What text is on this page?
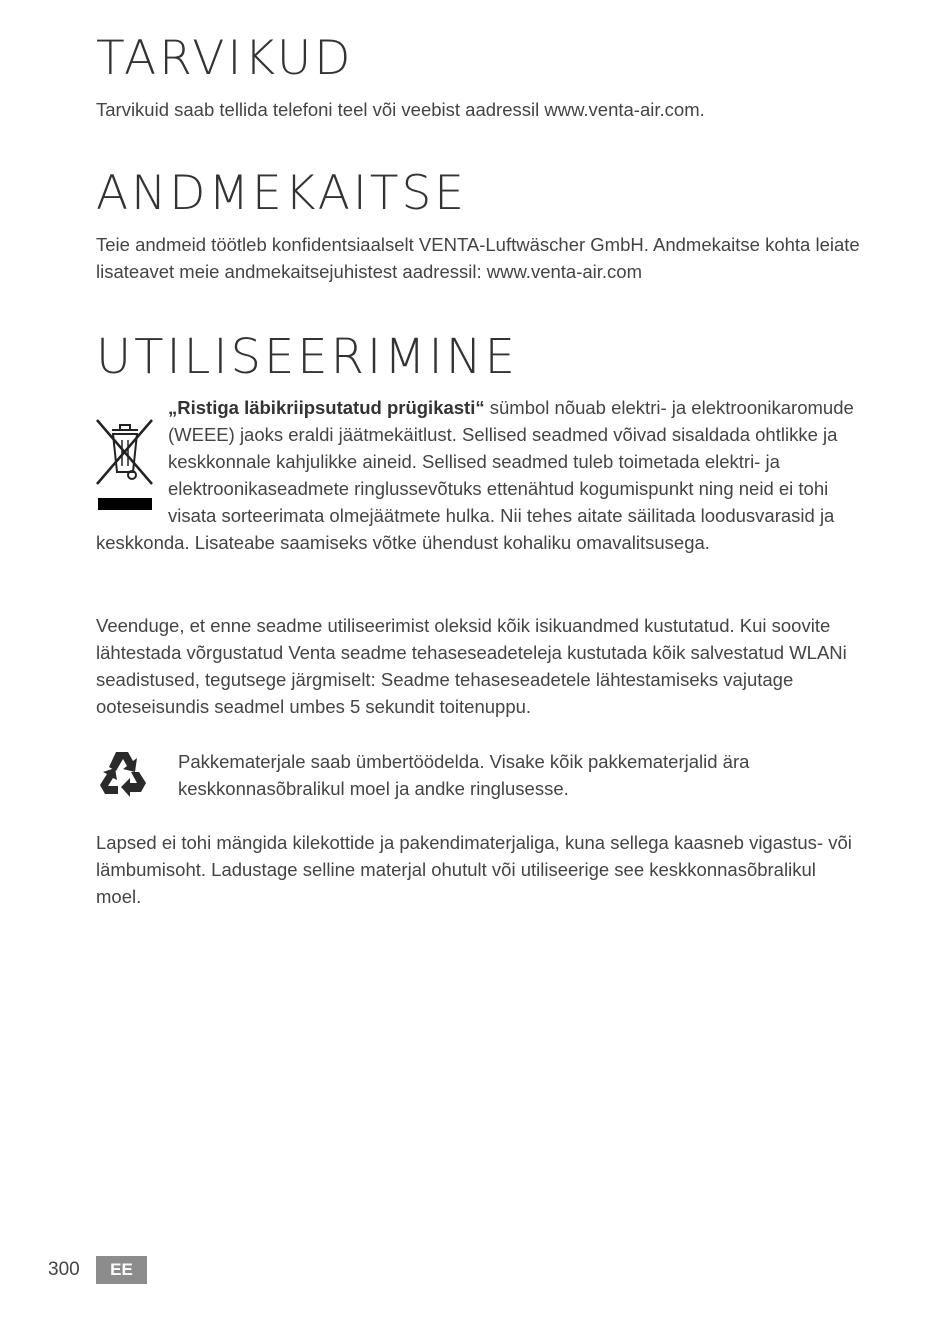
TARVIKUD

Tarvikuid saab tellida telefoni teel või veebist aadressil www.venta-air.com.

ANDMEKAITSE

Teie andmeid töötleb konfidentsiaalselt VENTA-Luftwäscher GmbH. Andmekaitse kohta leiate lisateavet meie andmekaitsejuhistest aadressil: www.venta-air.com

UTILISEERIMINE
„Ristiga läbikriipsutatud prügikasti“ sümbol nõuab elektri- ja elektroonikaromude (WEEE) jaoks eraldi jäätmekäitlust. Sellised seadmed võivad sisaldada ohtlikke ja keskkonnale kahjulikke aineid. Sellised seadmed tuleb toimetada elektri- ja elektroonikaseadmete ringlussevõtuks ettenähtud kogumispunkt ning neid ei tohi visata sorteerimata olmejäätmete hulka. Nii tehes aitate säilitada loodusvarasid ja keskkonda. Lisateabe saamiseks võtke ühendust kohaliku omavalitsusega.

Veenduge, et enne seadme utiliseerimist oleksid kõik isikuandmed kustutatud. Kui soovite lähtestada võrgustatud Venta seadme tehaseseadeteleja kustutada kõik salvestatud WLANi seadistused, tegutsege järgmiselt: Seadme tehaseseadetele lähtestamiseks vajutage ooteseisundis seadmel umbes 5 sekundit toitenuppu.

Pakkematerjale saab ümbertöödelda. Visake kõik pakkematerjalid ära keskkonnasõbralikul moel ja andke ringlusesse.

Lapsed ei tohi mängida kilekottide ja pakendimaterjaliga, kuna sellega kaasneb vigastus- või lämbumisoht. Ladustage selline materjal ohutult või utiliseerige see keskkonnasõbralikul moel.

300	EE
